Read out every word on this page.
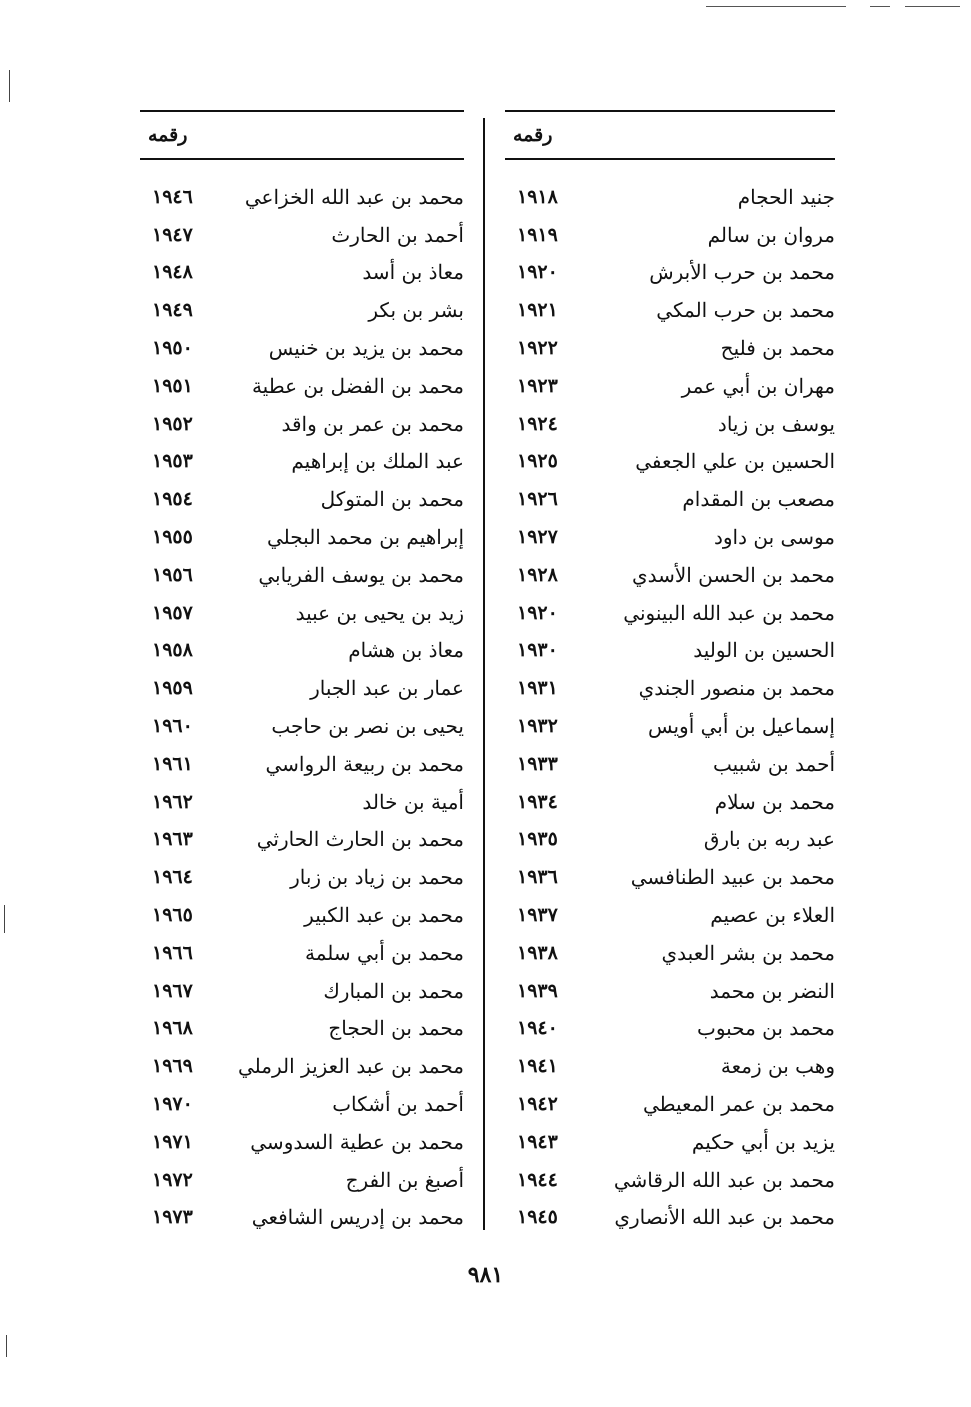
رقمه
جنيد الحجام
١٩١٨
مروان بن سالم
١٩١٩
محمد بن حرب الأبرش
١٩٢٠
محمد بن حرب المكي
١٩٢١
محمد بن فليح
١٩٢٢
مهران بن أبي عمر
١٩٢٣
يوسف بن زياد
١٩٢٤
الحسين بن علي الجعفي
١٩٢٥
مصعب بن المقدام
١٩٢٦
موسى بن داود
١٩٢٧
محمد بن الحسن الأسدي
١٩٢٨
محمد بن عبد الله البينوني
١٩٢٠
الحسين بن الوليد
١٩٣٠
محمد بن منصور الجندي
١٩٣١
إسماعيل بن أبي أويس
١٩٣٢
أحمد بن شبيب
١٩٣٣
محمد بن سلام
١٩٣٤
عبد ربه بن بارق
١٩٣٥
محمد بن عبيد الطنافسي
١٩٣٦
العلاء بن عصيم
١٩٣٧
محمد بن بشر العبدي
١٩٣٨
النضر بن محمد
١٩٣٩
محمد بن محبوب
١٩٤٠
وهب بن زمعة
١٩٤١
محمد بن عمر المعيطي
١٩٤٢
يزيد بن أبي حكيم
١٩٤٣
محمد بن عبد الله الرقاشي
١٩٤٤
محمد بن عبد الله الأنصاري
١٩٤٥
رقمه
محمد بن عبد الله الخزاعي
١٩٤٦
أحمد بن الحارث
١٩٤٧
معاذ بن أسد
١٩٤٨
بشر بن بكر
١٩٤٩
محمد بن يزيد بن خنيس
١٩٥٠
محمد بن الفضل بن عطية
١٩٥١
محمد بن عمر بن واقد
١٩٥٢
عبد الملك بن إبراهيم
١٩٥٣
محمد بن المتوكل
١٩٥٤
إبراهيم بن محمد البجلي
١٩٥٥
محمد بن يوسف الفريابي
١٩٥٦
زيد بن يحيى بن عبيد
١٩٥٧
معاذ بن هشام
١٩٥٨
عمار بن عبد الجبار
١٩٥٩
يحيى بن نصر بن حاجب
١٩٦٠
محمد بن ربيعة الرواسي
١٩٦١
أمية بن خالد
١٩٦٢
محمد بن الحارث الحارثي
١٩٦٣
محمد بن زياد بن زبار
١٩٦٤
محمد بن عبد الكبير
١٩٦٥
محمد بن أبي سلمة
١٩٦٦
محمد بن المبارك
١٩٦٧
محمد بن الحجاج
١٩٦٨
محمد بن عبد العزيز الرملي
١٩٦٩
أحمد بن أشكاب
١٩٧٠
محمد بن عطية السدوسي
١٩٧١
أصبغ بن الفرج
١٩٧٢
محمد بن إدريس الشافعي
١٩٧٣
٩٨١
